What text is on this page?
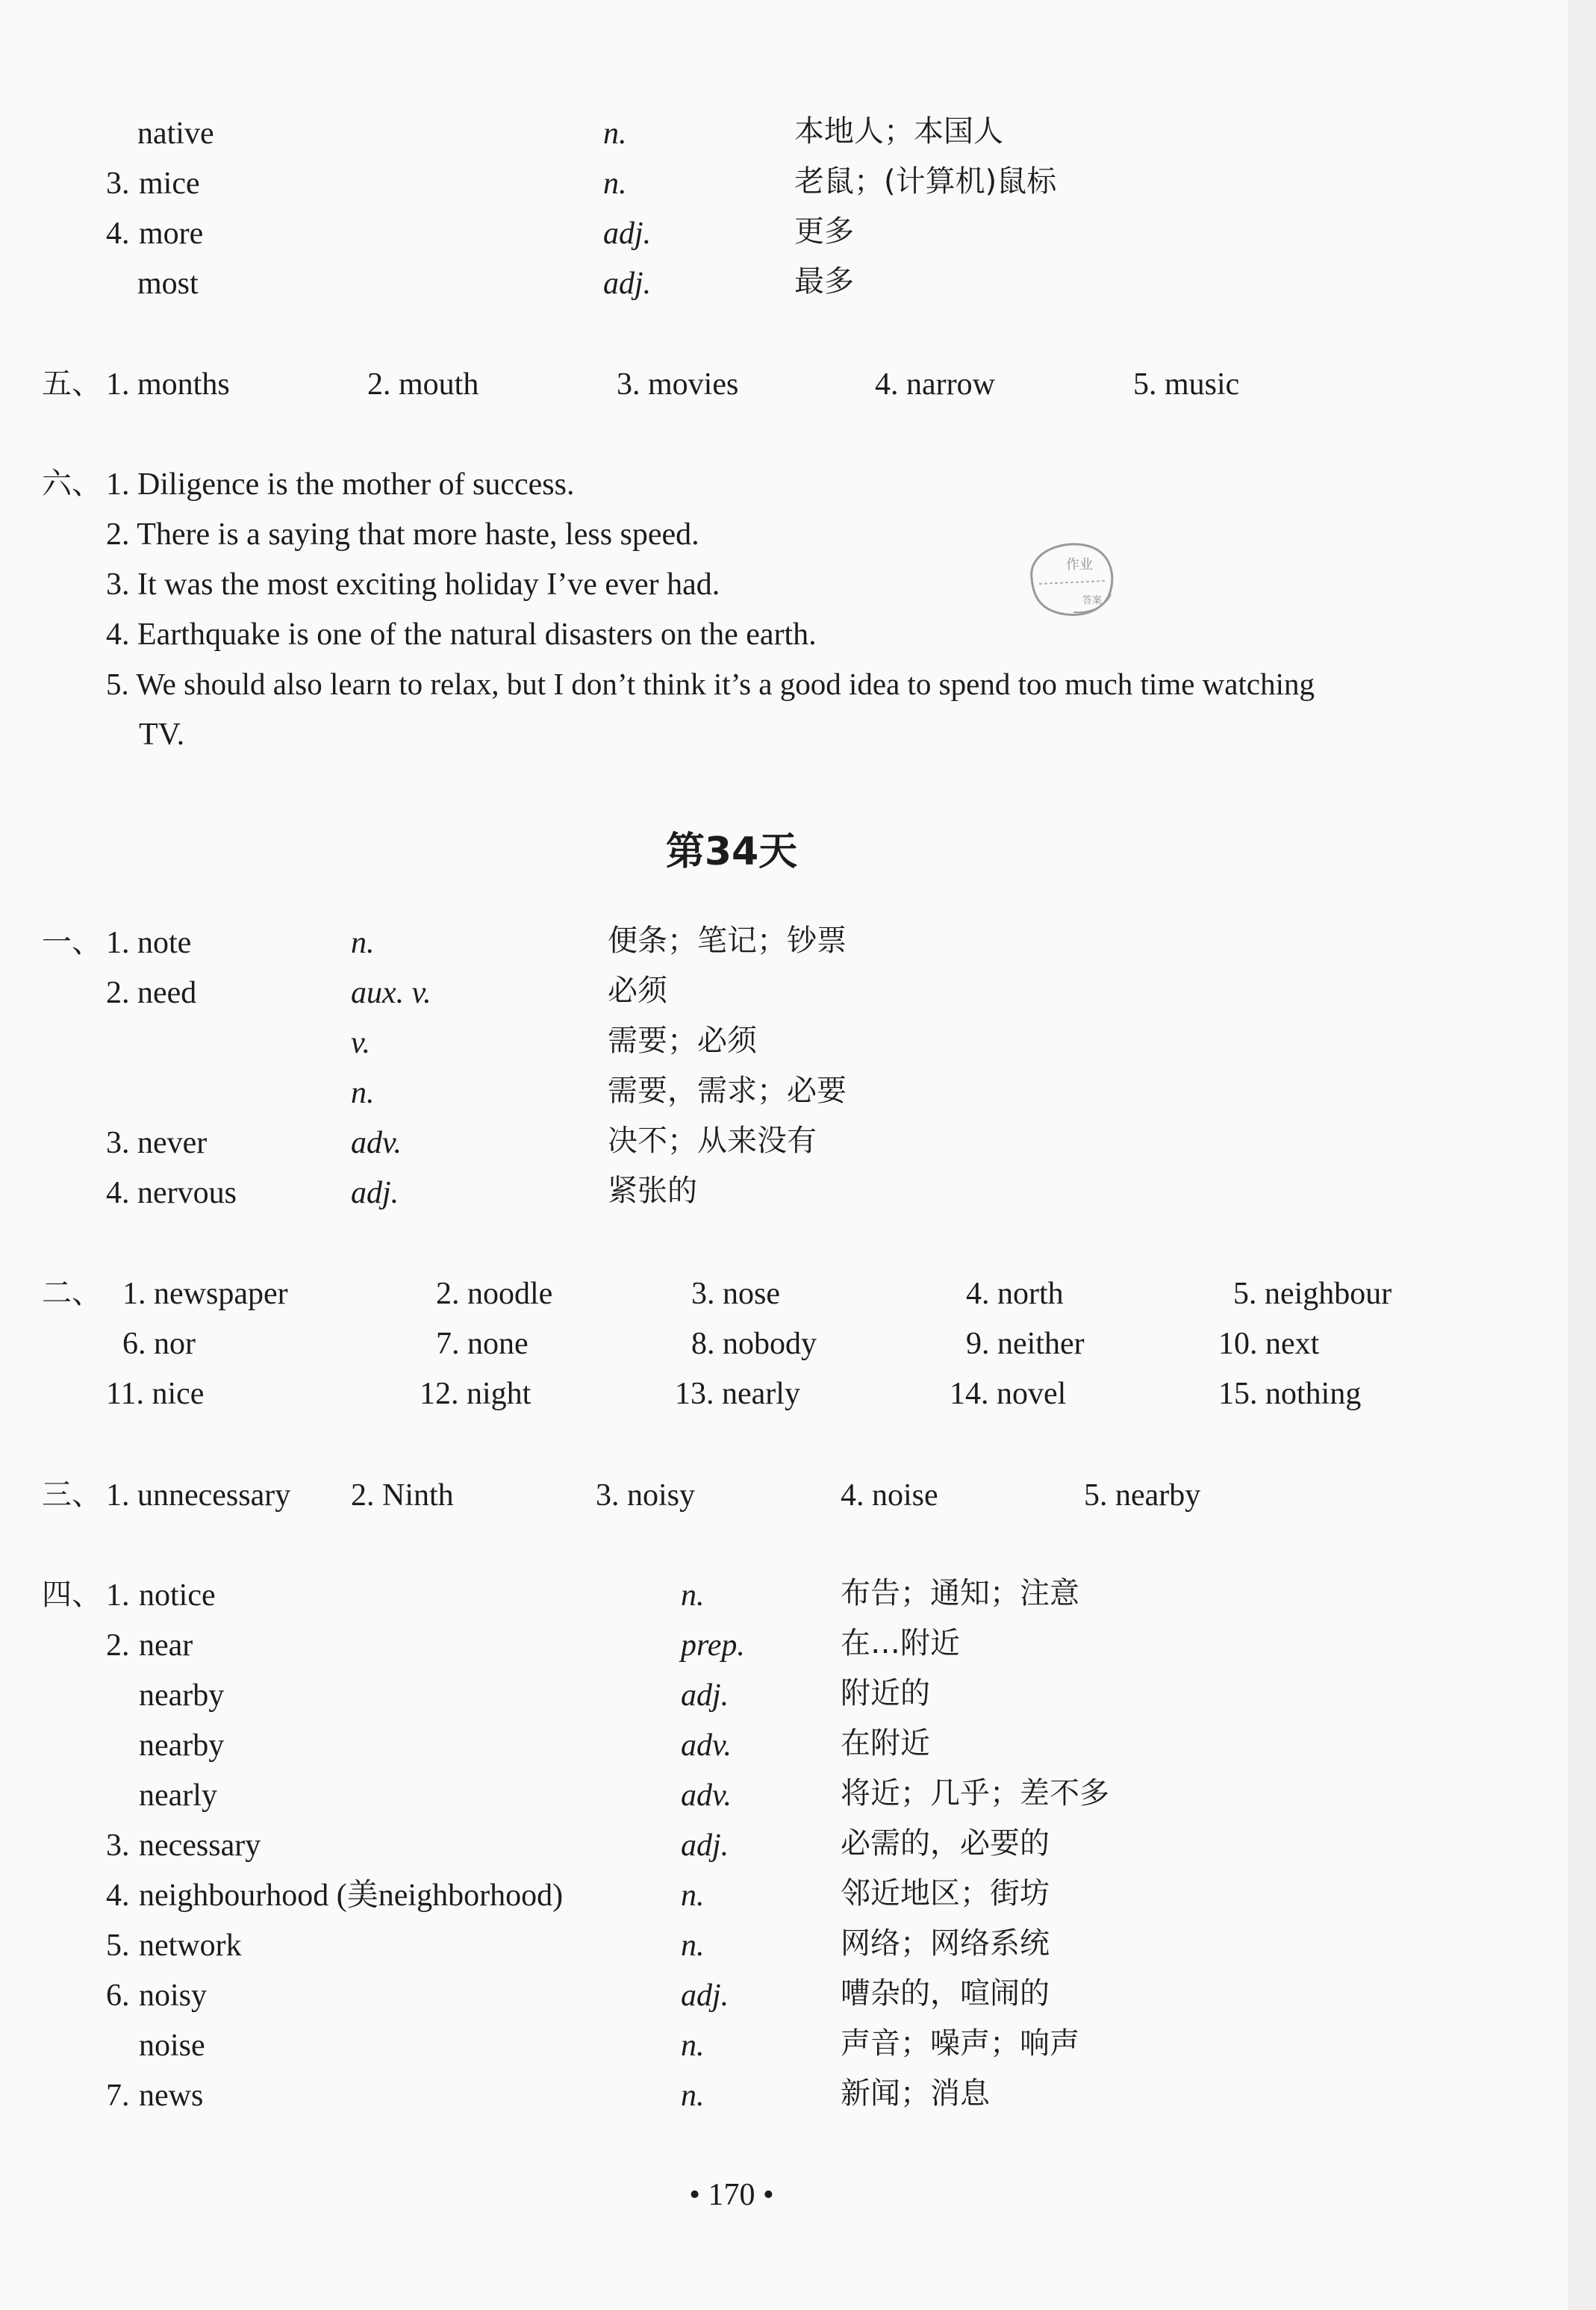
native	n.	本地人；本国人
3. mice	n.	老鼠；(计算机)鼠标
4. more	adj.	更多
most	adj.	最多
五、 1. months	2. mouth	3. movies	4. narrow	5. music
六、 1. Diligence is the mother of success.
2. There is a saying that more haste, less speed.
3. It was the most exciting holiday I’ve ever had.
4. Earthquake is one of the natural disasters on the earth.
5. We should also learn to relax, but I don’t think it’s a good idea to spend too much time watching
TV.
作业
答案
第34天
一、 1. note	n.	便条；笔记；钞票
2. need	aux. v.	必须
v.	需要；必须
n.	需要，需求；必要
3. never	adv.	决不；从来没有
4. nervous	adj.	紧张的
二、 1. newspaper	2. noodle	3. nose	4. north	5. neighbour
6. nor	7. none	8. nobody	9. neither	10. next
11. nice	12. night	13. nearly	14. novel	15. nothing
三、 1. unnecessary 2. Ninth	3. noisy	4. noise	5. nearby
四、 1. notice	n.	布告；通知；注意
2. near	prep.	在…附近
nearby	adj.	附近的
nearby	adv.	在附近
nearly	adv.	将近；几乎；差不多
3. necessary	adj.	必需的，必要的
4. neighbourhood (美neighborhood)	n.	邻近地区；街坊
5. network	n.	网络；网络系统
6. noisy	adj.	嘈杂的，喧闹的
noise	n.	声音；噪声；响声
7. news	n.	新闻；消息
• 170 •
